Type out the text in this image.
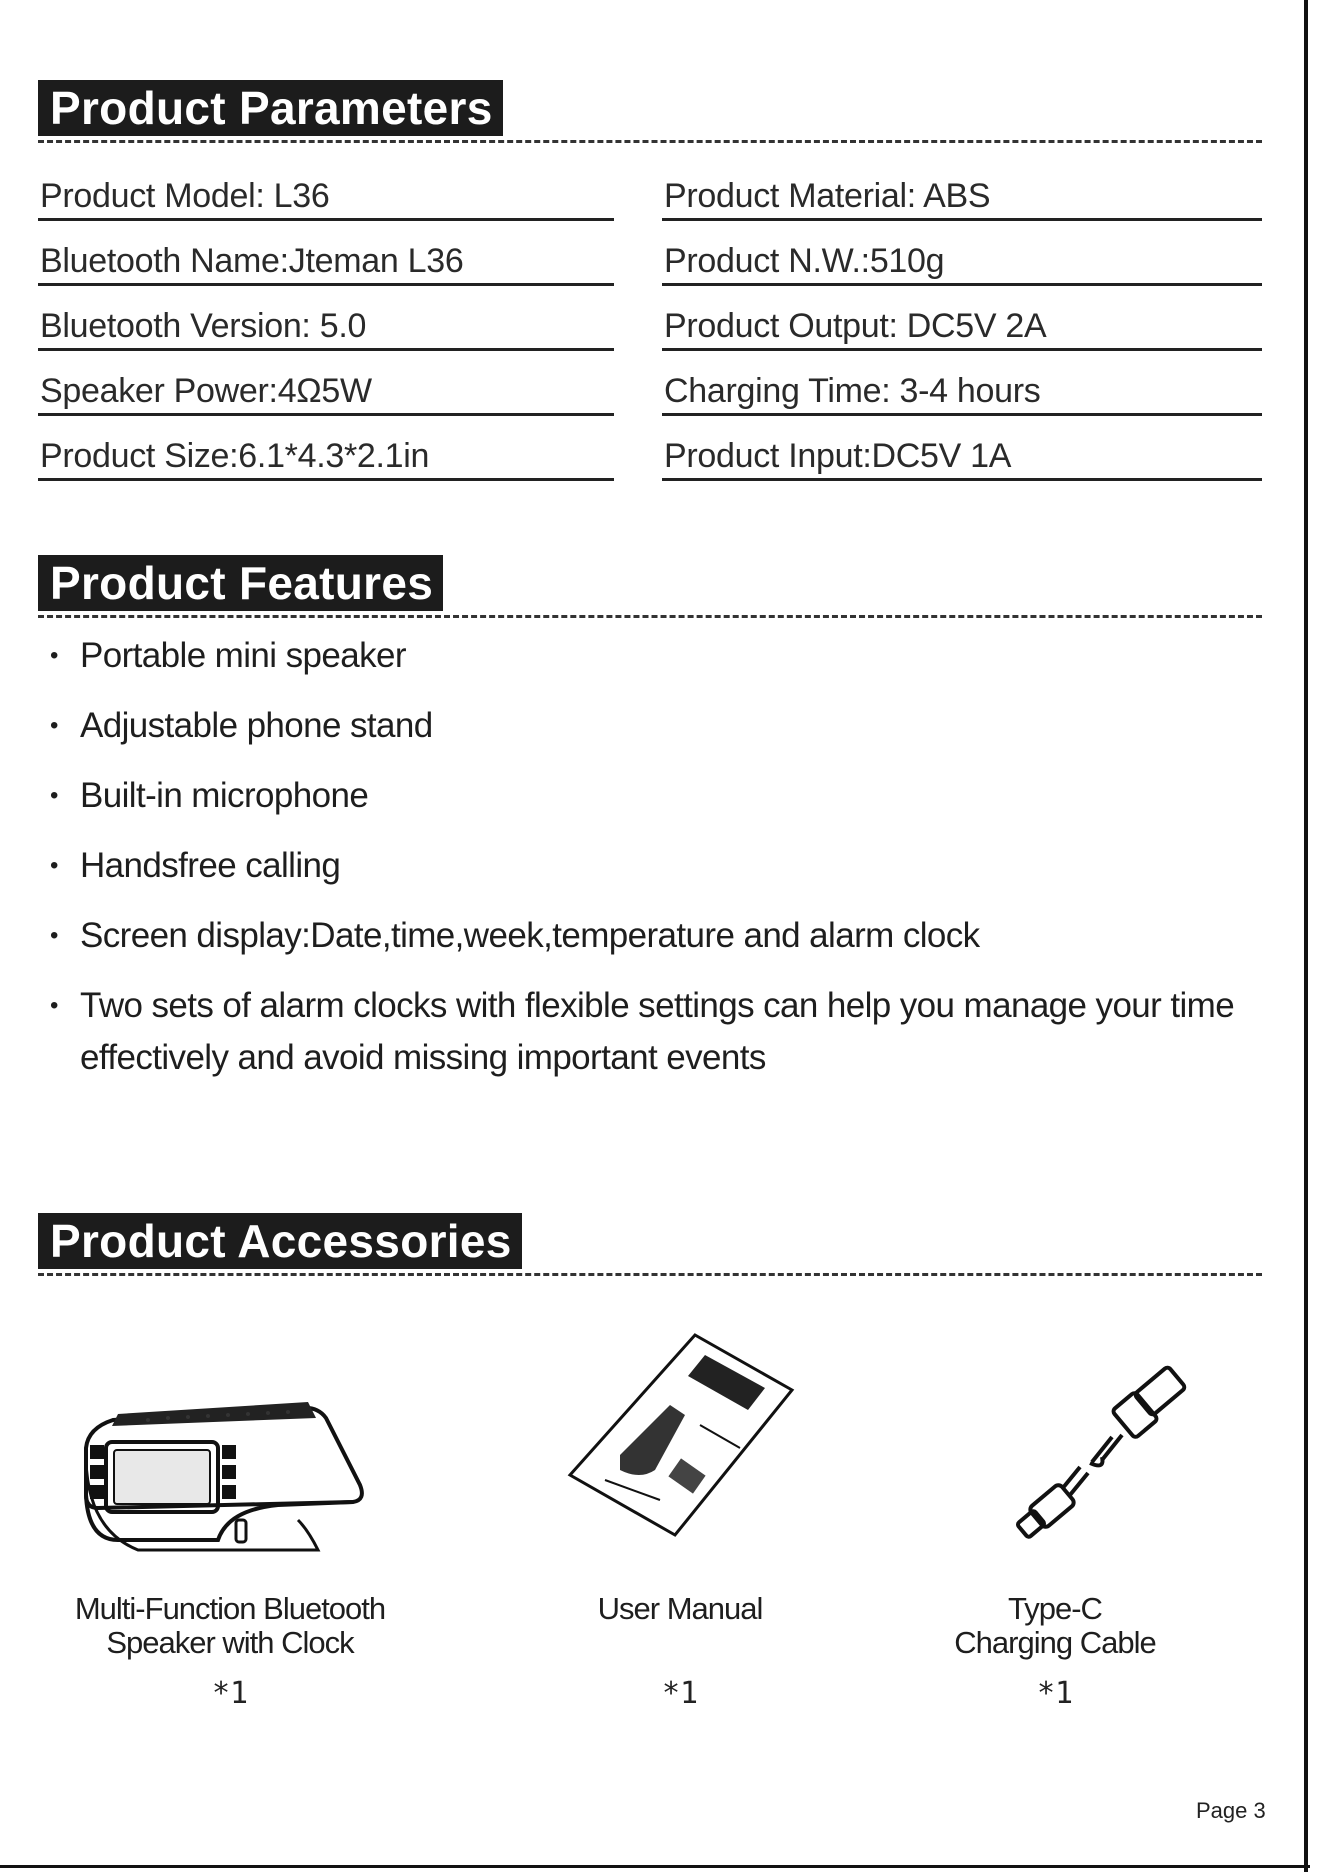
Product Parameters
Product Model: L36
Bluetooth Name:Jteman L36
Bluetooth Version: 5.0
Speaker Power:4Ω5W
Product Size:6.1*4.3*2.1in
Product Material: ABS
Product N.W.:510g
Product Output: DC5V 2A
Charging Time: 3-4 hours
Product Input:DC5V 1A
Product Features
• Portable mini speaker
• Adjustable phone stand
• Built-in microphone
• Handsfree calling
• Screen display:Date,time,week,temperature and alarm clock
• Two sets of alarm clocks with flexible settings can help you manage your time effectively and avoid missing important events
Product Accessories
Multi-Function Bluetooth
Speaker with Clock
*1
User Manual
*1
Type-C
Charging Cable
*1
Page 3
